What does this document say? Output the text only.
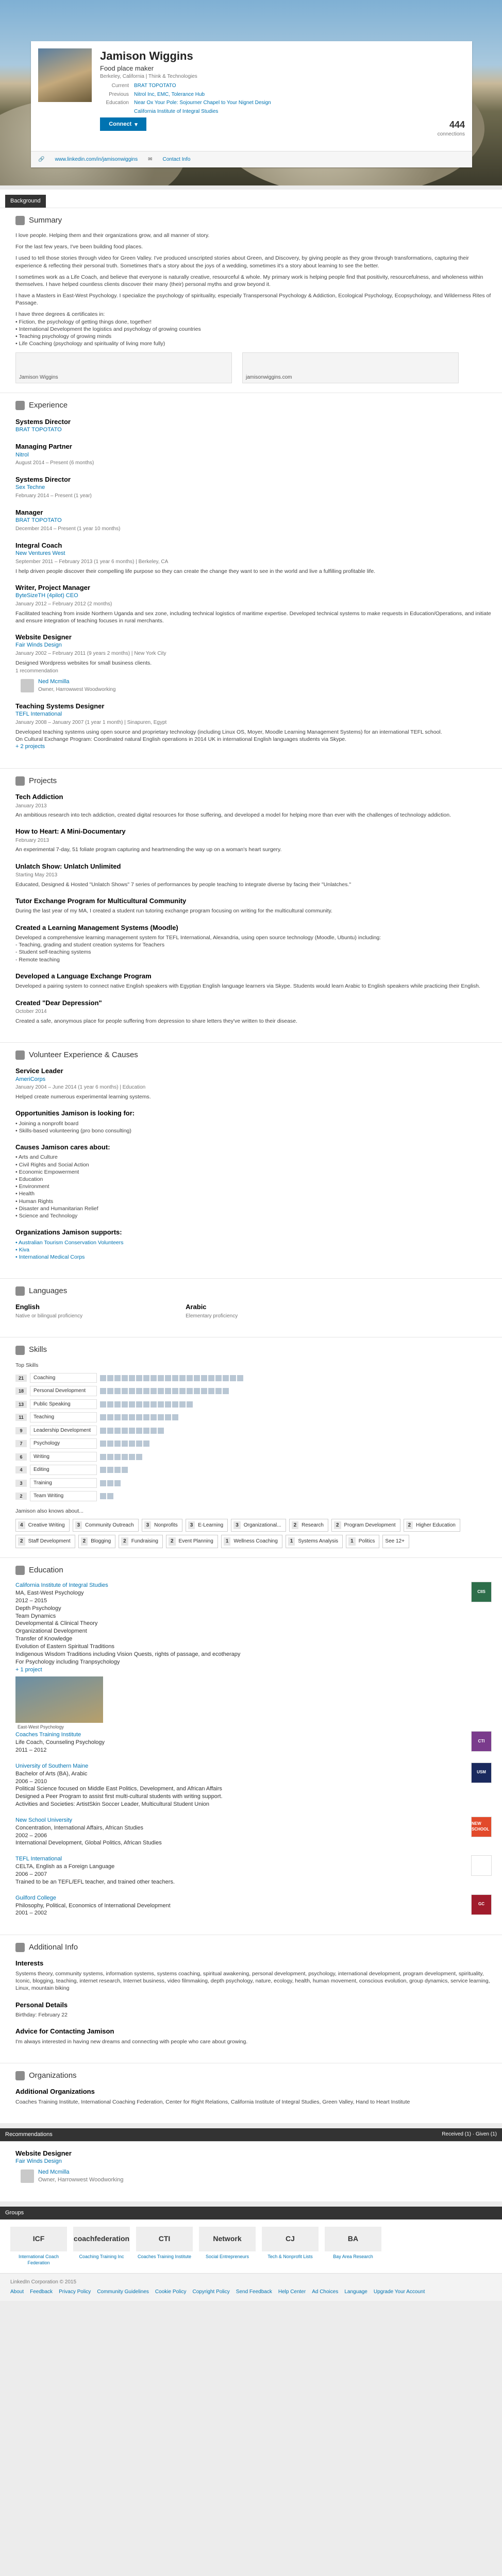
Jamison Wiggins
Food place maker
Berkeley, California | Think & Technologies
Current BRAT TOPOTATO
Previous Nitrol Inc, EMC, Tolerance Hub
Education Near Ox Your Pole: Sojourner Chapel to Your Nignet Design
California Institute of Integral Studies
Connect ▾	444
connections
🔗 www.linkedin.com/in/jamisonwiggins ✉ Contact Info
Background
Summary
I love people. Helping them and their organizations grow, and all manner of story.
For the last few years, I've been building food places.
I used to tell those stories through video for Green Valley. I've produced unscripted stories about Green, and Discovery, by giving people as they grow through transformations, capturing their experience & reflecting their personal truth. Sometimes that's a story about the joys of a wedding, sometimes it's a story about learning to see the better.
I sometimes work as a Life Coach, and believe that everyone is naturally creative, resourceful & whole. My primary work is helping people find that positivity, resourcefulness, and wholeness within themselves. I have helped countless clients discover their many (their) personal myths and grow beyond it.
I have a Masters in East-West Psychology. I specialize the psychology of spirituality, especially Transpersonal Psychology & Addiction, Ecological Psychology, Ecopsychology, and Wilderness Rites of Passage.
I have three degrees & certificates in:
• Fiction, the psychology of getting things done, together!
• International Development the logistics and psychology of growing countries
• Teaching psychology of growing minds
• Life Coaching (psychology and spirituality of living more fully)
Jamison Wiggins	jamisonwiggins.com
Experience
Systems Director
BRAT TOPOTATO
Managing Partner
Nitrol
August 2014 – Present (6 months)
Systems Director
Sex Techne
February 2014 – Present (1 year)
Manager
BRAT TOPOTATO
December 2014 – Present (1 year 10 months)
Integral Coach
New Ventures West
September 2011 – February 2013 (1 year 6 months) | Berkeley, CA
I help driven people discover their compelling life purpose so they can create the change they want to see in the world and live a fulfilling profitable life.
Writer, Project Manager
ByteSizeTH (4pilot) CEO
January 2012 – February 2012 (2 months)
Facilitated teaching from inside Northern Uganda and sex zone, including technical logistics of maritime expertise. Developed technical systems to make requests in Education/Operations, and initiate and ensure integration of teaching focuses in rural merchants.
Website Designer
Fair Winds Design
January 2002 – February 2011 (9 years 2 months) | New York City
Designed Wordpress websites for small business clients.
1 recommendation
Ned Mcmilla
Owner, Harrowwest Woodworking
Teaching Systems Designer
TEFL International
January 2008 – January 2007 (1 year 1 month) | Sinapuren, Egypt
Developed teaching systems using open source and proprietary technology (including Linux OS, Moyer, Moodle Learning Management Systems) for an international TEFL school.
On Cultural Exchange Program: Coordinated natural English operations in 2014 UK in international English languages students via Skype.
+ 2 projects
Projects
Tech Addiction
January 2013
An ambitious research into tech addiction, created digital resources for those suffering, and developed a model for helping more than ever with the challenges of technology addiction.
How to Heart: A Mini-Documentary
February 2013
An experimental 7-day, 51 foliate program capturing and heartmending the way up on a woman's heart surgery.
Unlatch Show: Unlatch Unlimited
Starting May 2013
Educated, Designed & Hosted "Unlatch Shows" 7 series of performances by people teaching to integrate diverse by facing their "Unlatches."
Tutor Exchange Program for Multicultural Community
During the last year of my MA, I created a student run tutoring exchange program focusing on writing for the multicultural community.
Created a Learning Management Systems (Moodle)
Developed a comprehensive learning management system for TEFL International, Alexandria, using open source technology (Moodle, Ubuntu) including:
- Teaching, grading and student creation systems for Teachers
- Student self-teaching systems
- Remote teaching
Developed a Language Exchange Program
Developed a pairing system to connect native English speakers with Egyptian English language learners via Skype. Students would learn Arabic to English speakers while practicing their English.
Created "Dear Depression"
October 2014
Created a safe, anonymous place for people suffering from depression to share letters they've written to their disease.
Volunteer Experience & Causes
Service Leader
AmeriCorps
January 2004 – June 2014 (1 year 6 months) | Education
Helped create numerous experimental learning systems.
Opportunities Jamison is looking for:
• Joining a nonprofit board
• Skills-based volunteering (pro bono consulting)
Causes Jamison cares about:
• Arts and Culture
• Civil Rights and Social Action
• Economic Empowerment
• Education
• Environment
• Health
• Human Rights
• Disaster and Humanitarian Relief
• Science and Technology
Organizations Jamison supports:
• Australian Tourism Conservation Volunteers
• Kiva
• International Medical Corps
Languages
English
Native or bilingual proficiency
Arabic
Elementary proficiency
Skills
Top Skills
21	Coaching
18	Personal Development
13	Public Speaking
11	Teaching
9	Leadership Development
7	Psychology
6	Writing
4	Editing
3	Training
2	Team Writing
Jamison also knows about...
4	Creative Writing	3	Community Outreach	3	Nonprofits	3	E-Learning	3	Organizational...	2	Research	2	Program Development	2	Higher Education
2	Staff Development	2	Blogging	2	Fundraising	2	Event Planning	1	Wellness Coaching	1	Systems Analysis	1	Politics See 12+
Education
California Institute of Integral Studies
MA, East-West Psychology
2012 – 2015
Depth Psychology
Team Dynamics
Developmental & Clinical Theory
Organizational Development
Transfer of Knowledge
Evolution of Eastern Spiritual Traditions
Indigenous Wisdom Traditions including Vision Quests, rights of passage, and ecotherapy
For Psychology including Tranpsychology
+ 1 project
East-West Psychology
CIIS
Coaches Training Institute
Life Coach, Counseling Psychology
2011 – 2012
CTI
University of Southern Maine
Bachelor of Arts (BA), Arabic
2006 – 2010
Political Science focused on Middle East Politics, Development, and African Affairs
Designed a Peer Program to assist first multi-cultural students with writing support.
Activities and Societies: ArtistSkin Soccer Leader, Multicultural Student Union
USM
New School University
Concentration, International Affairs, African Studies
2002 – 2006
International Development, Global Politics, African Studies
NEW SCHOOL
TEFL International
CELTA, English as a Foreign Language
2006 – 2007
Trained to be an TEFL/EFL teacher, and trained other teachers.
Guilford College
Philosophy, Political, Economics of International Development
2001 – 2002
GC
Additional Info
Interests
Systems theory, community systems, information systems, systems coaching, spiritual awakening, personal development, psychology, international development, program development, spirituality, Iconic, blogging, teaching, internet research, Internet business, video filmmaking, depth psychology, nature, ecology, health, human movement, conscious evolution, group dynamics, service learning, Linux, mountain biking
Personal Details
Birthday: February 22
Advice for Contacting Jamison
I'm always interested in having new dreams and connecting with people who care about growing.
Organizations
Additional Organizations
Coaches Training Institute, International Coaching Federation, Center for Right Relations, California Institute of Integral Studies, Green Valley, Hand to Heart Institute
Recommendations	Received (1) · Given (1)
Website Designer
Fair Winds Design
Ned Mcmilla
Owner, Harrowwest Woodworking
Groups
ICF
International Coach Federation
coachfederation
Coaching Training Inc
CTI
Coaches Training Institute
Network
Social Entrepreneurs
CJ
Tech & Nonprofit Lists
BA
Bay Area Research
LinkedIn Corporation © 2015
About Feedback Privacy Policy Community Guidelines Cookie Policy Copyright Policy Send Feedback Help Center Ad Choices Language Upgrade Your Account
